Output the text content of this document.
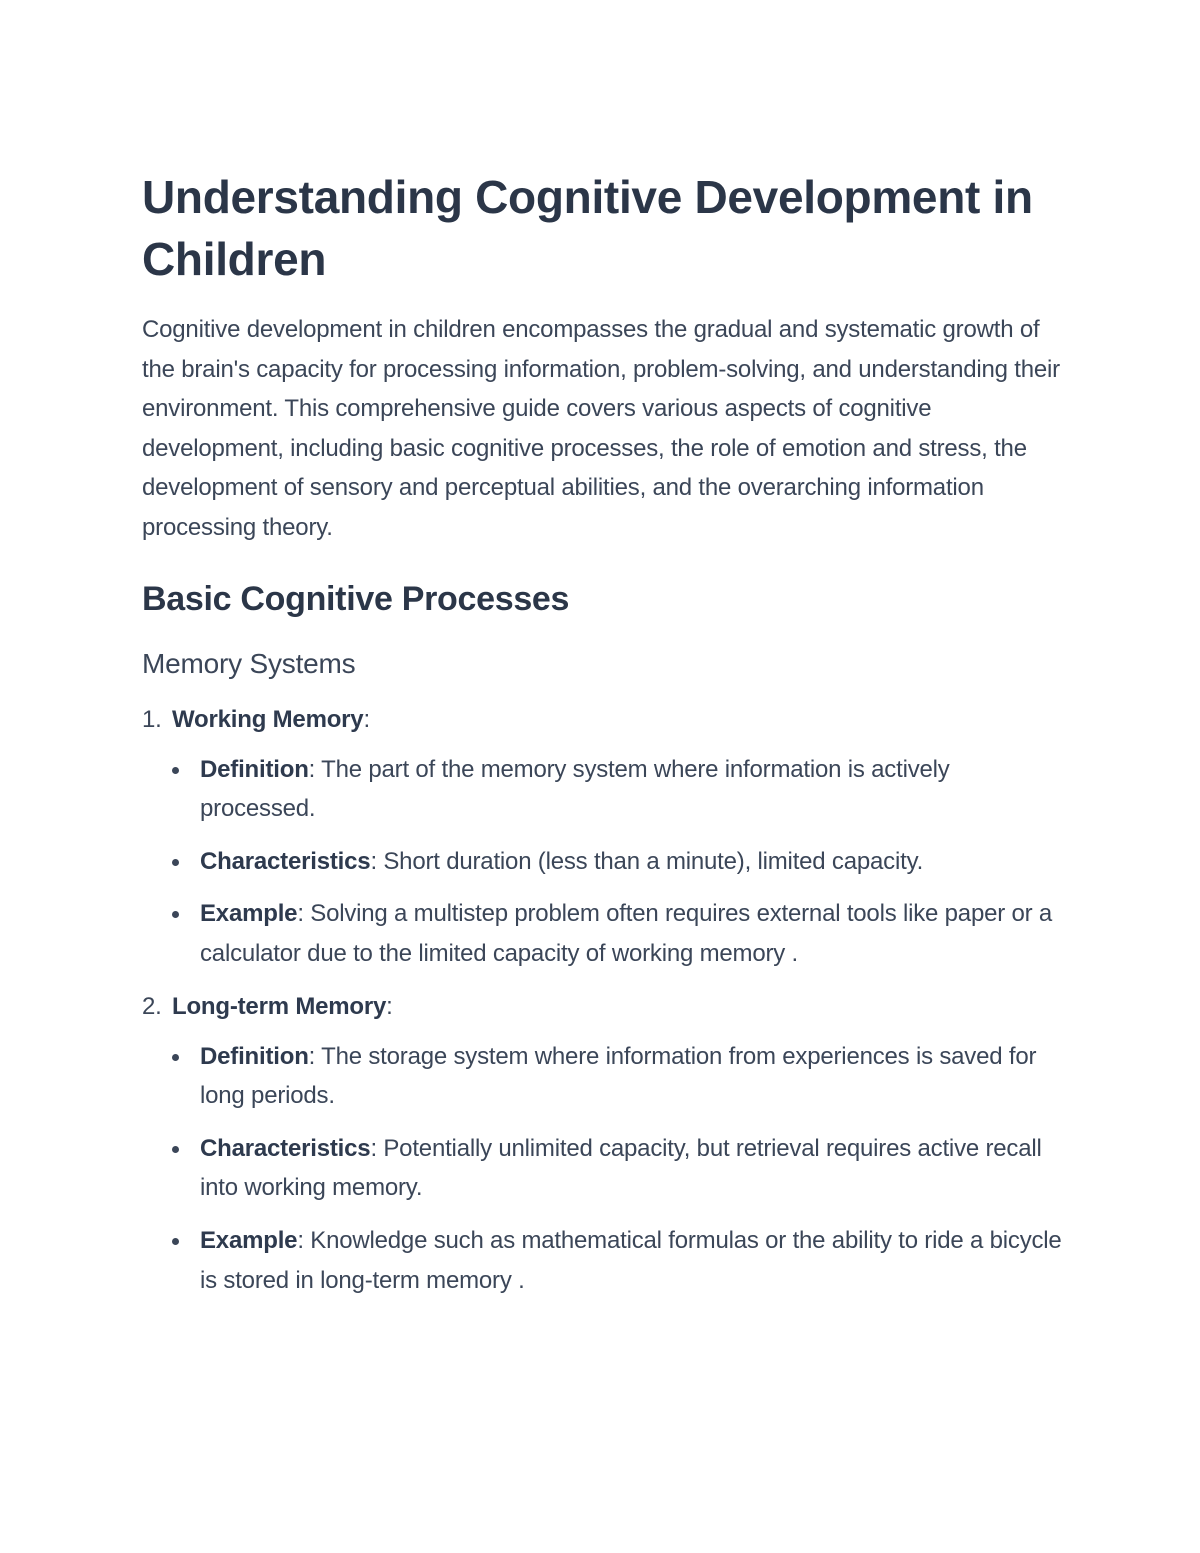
Understanding Cognitive Development in Children

Cognitive development in children encompasses the gradual and systematic growth of the brain's capacity for processing information, problem-solving, and understanding their environment. This comprehensive guide covers various aspects of cognitive development, including basic cognitive processes, the role of emotion and stress, the development of sensory and perceptual abilities, and the overarching information processing theory.

Basic Cognitive Processes
Memory Systems
1. Working Memory:
Definition: The part of the memory system where information is actively processed.
Characteristics: Short duration (less than a minute), limited capacity.
Example: Solving a multistep problem often requires external tools like paper or a calculator due to the limited capacity of working memory .
2. Long-term Memory:
Definition: The storage system where information from experiences is saved for long periods.
Characteristics: Potentially unlimited capacity, but retrieval requires active recall into working memory.
Example: Knowledge such as mathematical formulas or the ability to ride a bicycle is stored in long-term memory .
